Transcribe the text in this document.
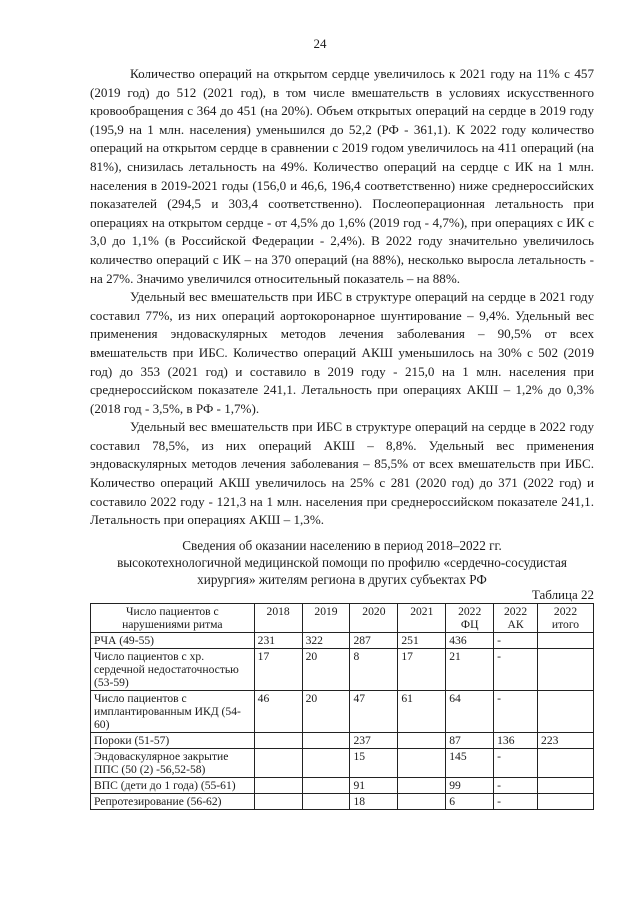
24

Количество операций на открытом сердце увеличилось к 2021 году на 11% с 457 (2019 год) до 512 (2021 год), в том числе вмешательств в условиях искусственного кровообращения с 364 до 451 (на 20%). Объем открытых операций на сердце в 2019 году (195,9 на 1 млн. населения) уменьшился до 52,2 (РФ - 361,1). К 2022 году количество операций на открытом сердце в сравнении с 2019 годом увеличилось на 411 операций (на 81%), снизилась летальность на 49%. Количество операций на сердце с ИК на 1 млн. населения в 2019-2021 годы (156,0 и 46,6, 196,4 соответственно) ниже среднероссийских показателей (294,5 и 303,4 соответственно). Послеоперационная летальность при операциях на открытом сердце - от 4,5% до 1,6% (2019 год - 4,7%), при операциях с ИК с 3,0 до 1,1% (в Российской Федерации - 2,4%). В 2022 году значительно увеличилось количество операций с ИК – на 370 операций (на 88%), несколько выросла летальность - на 27%. Значимо увеличился относительный показатель – на 88%.

Удельный вес вмешательств при ИБС в структуре операций на сердце в 2021 году составил 77%, из них операций аортокоронарное шунтирование – 9,4%. Удельный вес применения эндоваскулярных методов лечения заболевания – 90,5% от всех вмешательств при ИБС. Количество операций АКШ уменьшилось на 30% с 502 (2019 год) до 353 (2021 год) и составило в 2019 году - 215,0 на 1 млн. населения при среднероссийском показателе 241,1. Летальность при операциях АКШ – 1,2% до 0,3% (2018 год - 3,5%, в РФ - 1,7%).

Удельный вес вмешательств при ИБС в структуре операций на сердце в 2022 году составил 78,5%, из них операций АКШ – 8,8%. Удельный вес применения эндоваскулярных методов лечения заболевания – 85,5% от всех вмешательств при ИБС. Количество операций АКШ увеличилось на 25% с 281 (2020 год) до 371 (2022 год) и составило 2022 году - 121,3 на 1 млн. населения при среднероссийском показателе 241,1. Летальность при операциях АКШ – 1,3%.

Сведения об оказании населению в период 2018–2022 гг.
высокотехнологичной медицинской помощи по профилю «сердечно-сосудистая
хирургия» жителям региона в других субъектах РФ
Таблица 22
Число пациентов с нарушениями ритма	2018	2019	2020	2021	2022 ФЦ	2022 АК	2022 итого
РЧА (49-55)	231	322	287	251	436	-	
Число пациентов с хр. сердечной недостаточностью (53-59)	17	20	8	17	21	-	
Число пациентов с имплантированным ИКД (54-60)	46	20	47	61	64	-	
Пороки (51-57)			237		87	136	223
Эндоваскулярное закрытие ППС (50 (2) -56,52-58)			15		145	-	
ВПС (дети до 1 года) (55-61)			91		99	-	
Репротезирование (56-62)			18		6	-	
